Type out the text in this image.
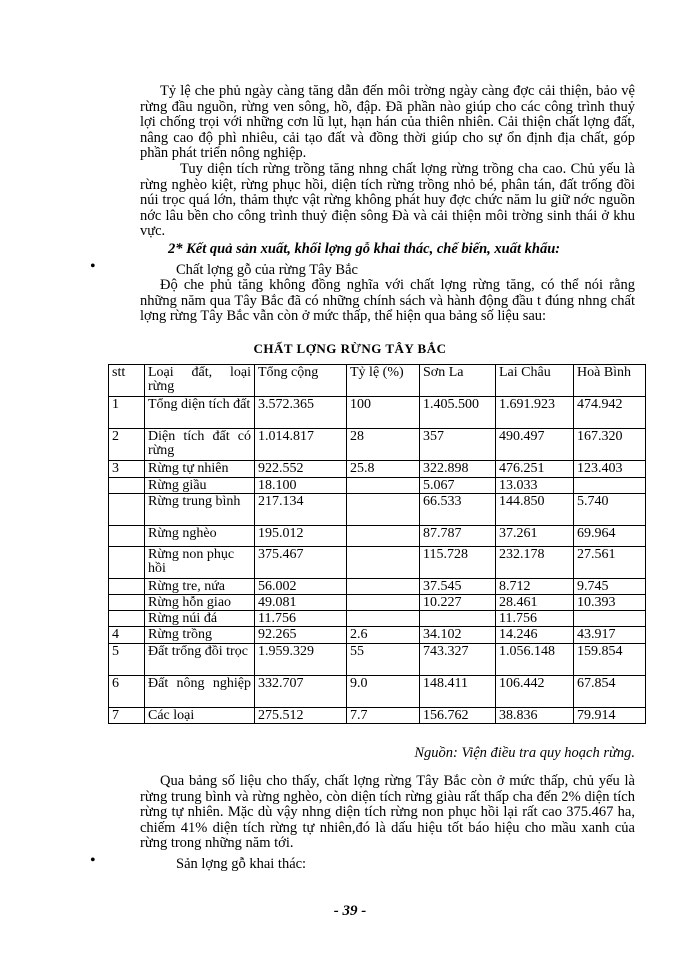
Tỷ lệ che phủ ngày càng tăng dẫn đến môi trờng ngày càng đợc cải thiện, bảo vệ rừng đầu nguồn, rừng ven sông, hồ, đập. Đã phần nào giúp cho các công trình thuỷ lợi chống trọi với những cơn lũ lụt, hạn hán của thiên nhiên. Cải thiện chất lợng đất, nâng cao độ phì nhiêu, cải tạo đất và đồng thời giúp cho sự ổn định địa chất, góp phần phát triển nông nghiệp.

Tuy diện tích rừng trồng tăng nhng chất lợng rừng trồng cha cao. Chủ yếu là rừng nghèo kiệt, rừng phục hồi, diện tích rừng trồng nhỏ bé, phân tán, đất trống đồi núi trọc quá lớn, thảm thực vật rừng không phát huy đợc chức năm lu giữ nớc nguồn nớc lâu bền cho công trình thuỷ điện sông Đà và cải thiện môi trờng sinh thái ở khu vực.

2* Kết quả sản xuất, khối lợng gỗ khai thác, chế biến, xuất khẩu:
•	Chất lợng gỗ của rừng Tây Bắc

Độ che phủ tăng không đồng nghĩa với chất lợng rừng tăng, có thể nói rằng những năm qua Tây Bắc đã có những chính sách và hành động đầu t đúng nhng chất lợng rừng Tây Bắc vẫn còn ở mức thấp, thể hiện qua bảng số liệu sau:

CHẤT LỢNG RỪNG TÂY BẮC
stt	Loại đất, loại rừng	Tổng cộng	Tỷ lệ (%)	Sơn La	Lai Châu	Hoà Bình

1	Tổng diện tích đất	3.572.365	100	1.405.500	1.691.923	474.942

2	Diện tích đất có rừng	1.014.817	28	357	490.497	167.320

3	Rừng tự nhiên	922.552	25.8	322.898	476.251	123.403

	Rừng giầu	18.100		5.067	13.033	

	Rừng trung bình	217.134		66.533	144.850	5.740

	Rừng nghèo	195.012		87.787	37.261	69.964

	Rừng non phục hồi	375.467		115.728	232.178	27.561

	Rừng tre, nứa	56.002		37.545	8.712	9.745

	Rừng hỗn giao	49.081		10.227	28.461	10.393

	Rừng núi đá	11.756			11.756	

4	Rừng trồng	92.265	2.6	34.102	14.246	43.917

5	Đất trống đồi trọc	1.959.329	55	743.327	1.056.148	159.854

6	Đất nông nghiệp	332.707	9.0	148.411	106.442	67.854

7	Các loại	275.512	7.7	156.762	38.836	79.914
Nguồn: Viện điều tra quy hoạch rừng.

Qua bảng số liệu cho thấy, chất lợng rừng Tây Bắc còn ở mức thấp, chủ yếu là rừng trung bình và rừng nghèo, còn diện tích rừng giàu rất thấp cha đến 2% diện tích rừng tự nhiên. Mặc dù vậy nhng diện tích rừng non phục hồi lại rất cao 375.467 ha, chiếm 41% diện tích rừng tự nhiên,đó là dấu hiệu tốt báo hiệu cho mầu xanh của rừng trong những năm tới.

•	Sản lợng gỗ khai thác:
- 39 -
